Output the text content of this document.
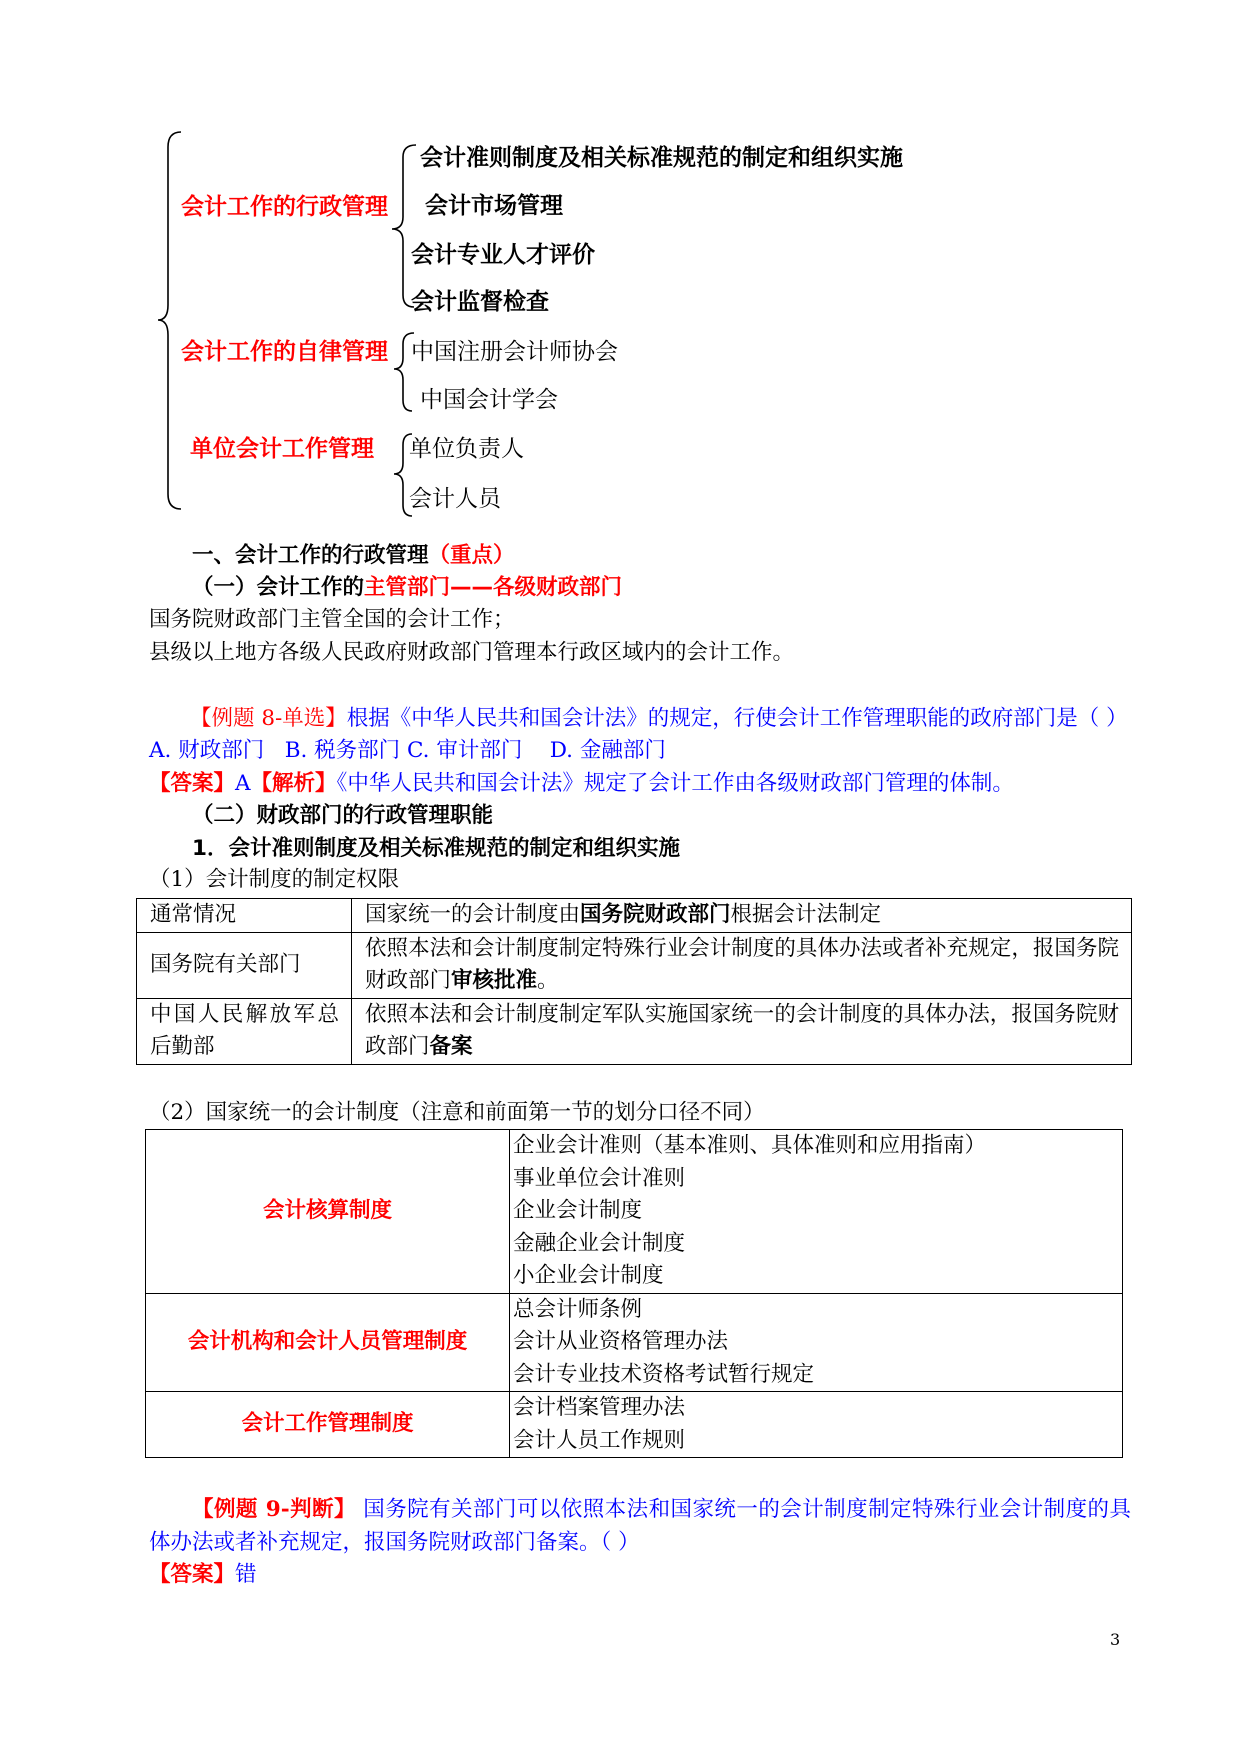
会计工作的行政管理
会计准则制度及相关标准规范的制定和组织实施
会计市场管理
会计专业人才评价
会计监督检查
会计工作的自律管理 中国注册会计师协会
中国会计学会
单位会计工作管理 单位负责人
会计人员
一、会计工作的行政管理（重点）
（一）会计工作的主管部门——各级财政部门
国务院财政部门主管全国的会计工作；
县级以上地方各级人民政府财政部门管理本行政区域内的会计工作。
【例题 8-单选】根据《中华人民共和国会计法》的规定，行使会计工作管理职能的政府部门是（ ）
A. 财政部门   B. 税务部门 C. 审计部门    D. 金融部门
【答案】A【解析】《中华人民共和国会计法》规定了会计工作由各级财政部门管理的体制。
（二）财政部门的行政管理职能
1．会计准则制度及相关标准规范的制定和组织实施
（1）会计制度的制定权限
通常情况	国家统一的会计制度由国务院财政部门根据会计法制定
国务院有关部门	依照本法和会计制度制定特殊行业会计制度的具体办法或者补充规定，报国务院财政部门审核批准。
中国人民解放军总后勤部	依照本法和会计制度制定军队实施国家统一的会计制度的具体办法，报国务院财政部门备案
（2）国家统一的会计制度（注意和前面第一节的划分口径不同）
会计核算制度	企业会计准则（基本准则、具体准则和应用指南）
事业单位会计准则
企业会计制度
金融企业会计制度
小企业会计制度

会计机构和会计人员管理制度	总会计师条例
会计从业资格管理办法
会计专业技术资格考试暂行规定

会计工作管理制度	会计档案管理办法
会计人员工作规则
【例题 9-判断】 国务院有关部门可以依照本法和国家统一的会计制度制定特殊行业会计制度的具体办法或者补充规定，报国务院财政部门备案。（ ）
【答案】错
3
